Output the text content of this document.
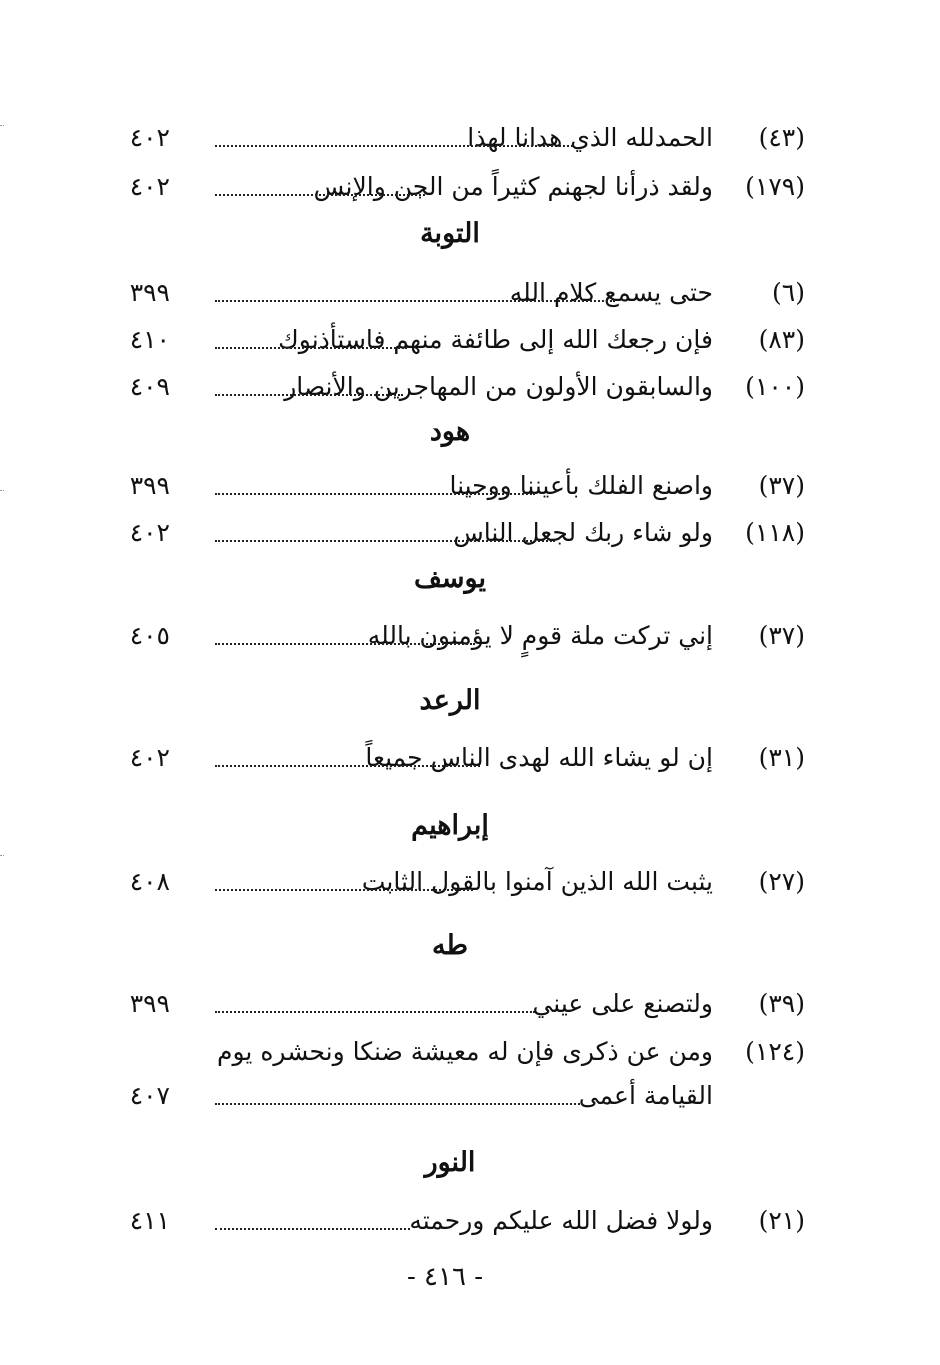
(٤٣)
الحمدلله الذي هدانا لهذا
٤٠٢
(١٧٩)
ولقد ذرأنا لجهنم كثيراً من الجن والإنس
٤٠٢
التوبة
(٦)
حتى يسمع كلام الله
٣٩٩
(٨٣)
فإن رجعك الله إلى طائفة منهم فاستأذنوك
٤١٠
(١٠٠)
والسابقون الأولون من المهاجرين والأنصار
٤٠٩
هود
(٣٧)
واصنع الفلك بأعيننا ووحينا
٣٩٩
(١١٨)
ولو شاء ربك لجعل الناس
٤٠٢
يوسف
(٣٧)
إني تركت ملة قومٍ لا يؤمنون بالله
٤٠٥
الرعد
(٣١)
إن لو يشاء الله لهدى الناس جميعاً
٤٠٢
إبراهيم
(٢٧)
يثبت الله الذين آمنوا بالقول الثابت
٤٠٨
طه
(٣٩)
ولتصنع على عيني
٣٩٩
(١٢٤)
ومن عن ذكرى فإن له معيشة ضنكا ونحشره يوم
القيامة أعمى
٤٠٧
النور
(٢١)
ولولا فضل الله عليكم ورحمته
٤١١
- ٤١٦ -
